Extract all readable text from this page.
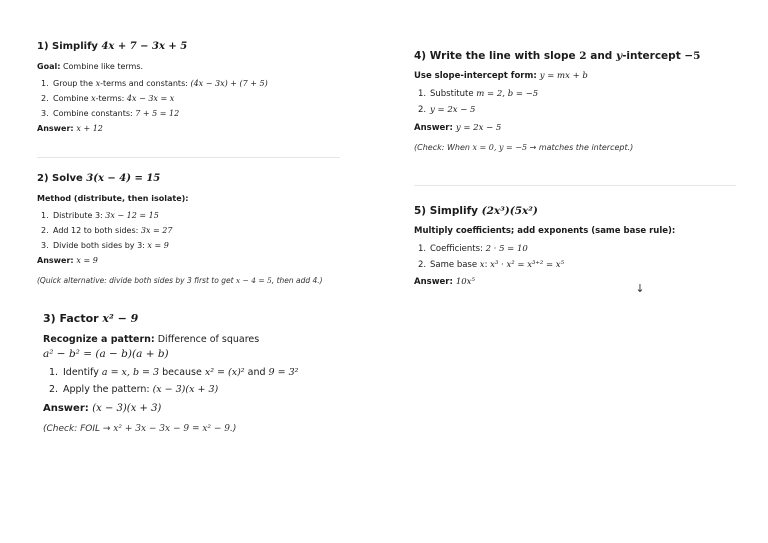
1) Simplify 4x + 7 − 3x + 5
Goal: Combine like terms.
1. Group the x-terms and constants: (4x − 3x) + (7 + 5)
2. Combine x-terms: 4x − 3x = x
3. Combine constants: 7 + 5 = 12
Answer: x + 12
2) Solve 3(x − 4) = 15
Method (distribute, then isolate):
1. Distribute 3: 3x − 12 = 15
2. Add 12 to both sides: 3x = 27
3. Divide both sides by 3: x = 9
Answer: x = 9
(Quick alternative: divide both sides by 3 first to get x − 4 = 5, then add 4.)
3) Factor x² − 9
Recognize a pattern: Difference of squares
a² − b² = (a − b)(a + b)
1. Identify a = x, b = 3 because x² = (x)² and 9 = 3²
2. Apply the pattern: (x − 3)(x + 3)
Answer: (x − 3)(x + 3)
(Check: FOIL → x² + 3x − 3x − 9 = x² − 9.)
4) Write the line with slope 2 and y-intercept −5
Use slope-intercept form: y = mx + b
1. Substitute m = 2, b = −5
2. y = 2x − 5
Answer: y = 2x − 5
(Check: When x = 0, y = −5 → matches the intercept.)
5) Simplify (2x³)(5x²)
Multiply coefficients; add exponents (same base rule):
1. Coefficients: 2 · 5 = 10
2. Same base x: x³ · x² = x³⁺² = x⁵
Answer: 10x⁵	↓
